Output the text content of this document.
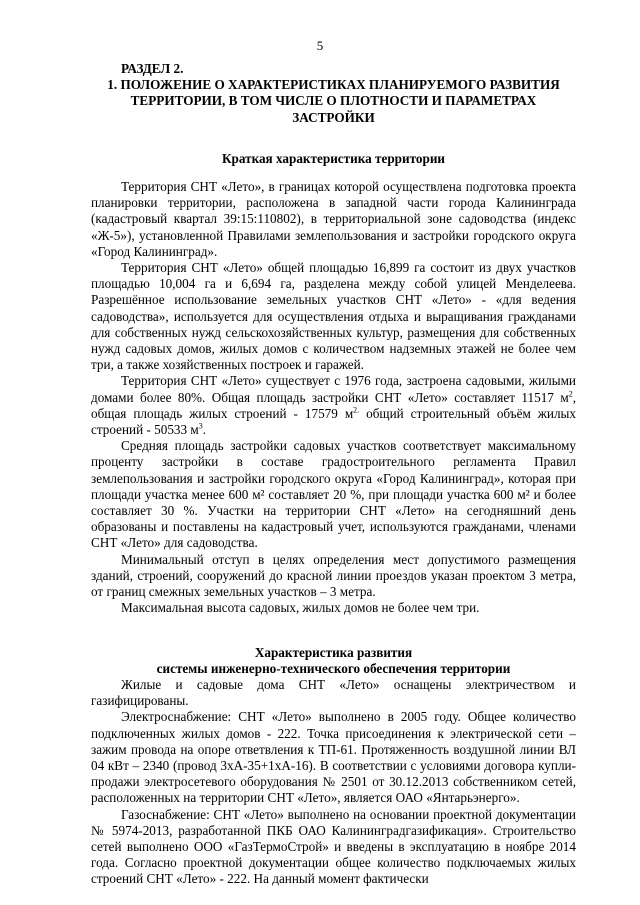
5
РАЗДЕЛ 2.
1. ПОЛОЖЕНИЕ О ХАРАКТЕРИСТИКАХ ПЛАНИРУЕМОГО РАЗВИТИЯ ТЕРРИТОРИИ, В ТОМ ЧИСЛЕ О ПЛОТНОСТИ И ПАРАМЕТРАХ ЗАСТРОЙКИ
Краткая характеристика территории

Территория СНТ «Лето», в границах которой осуществлена подготовка проекта планировки территории, расположена в западной части города Калининграда (кадастровый квартал 39:15:110802), в территориальной зоне садоводства (индекс «Ж-5»), установленной Правилами землепользования и застройки городского округа «Город Калининград».

Территория СНТ «Лето» общей площадью 16,899 га состоит из двух участков площадью 10,004 га и 6,694 га, разделена между собой улицей Менделеева. Разрешённое использование земельных участков СНТ «Лето» - «для ведения садоводства», используется для осуществления отдыха и выращивания гражданами для собственных нужд сельскохозяйственных культур, размещения для собственных нужд садовых домов, жилых домов с количеством надземных этажей не более чем три, а также хозяйственных построек и гаражей.

Территория СНТ «Лето» существует с 1976 года, застроена садовыми, жилыми домами более 80%. Общая площадь застройки СНТ «Лето» составляет 11517 $м^2$, общая площадь жилых строений - 17579 $м^{2.}$ общий строительный объём жилых строений - 50533 $м^3$.

Средняя площадь застройки садовых участков соответствует максимальному проценту застройки в составе градостроительного регламента Правил землепользования и застройки городского округа «Город Калининград», которая при площади участка менее 600 м² составляет 20 %, при площади участка 600 м² и более составляет 30 %. Участки на территории СНТ «Лето» на сегодняшний день образованы и поставлены на кадастровый учет, используются гражданами, членами СНТ «Лето» для садоводства.

Минимальный отступ в целях определения мест допустимого размещения зданий, строений, сооружений до красной линии проездов указан проектом 3 метра, от границ смежных земельных участков – 3 метра.

Максимальная высота садовых, жилых домов не более чем три.

Характеристика развития
системы инженерно-технического обеспечения территории

Жилые и садовые дома СНТ «Лето» оснащены электричеством и газифицированы.

Электроснабжение: СНТ «Лето» выполнено в 2005 году. Общее количество подключенных жилых домов - 222. Точка присоединения к электрической сети – зажим провода на опоре ответвления к ТП-61. Протяженность воздушной линии ВЛ 04 кВт – 2340 (провод 3хА-35+1хА-16). В соответствии с условиями договора купли-продажи электросетевого оборудования № 2501 от 30.12.2013 собственником сетей, расположенных на территории СНТ «Лето», является ОАО «Янтарьэнерго».

Газоснабжение: СНТ «Лето» выполнено на основании проектной документации № 5974-2013, разработанной ПКБ ОАО Калининградгазификация». Строительство сетей выполнено ООО «ГазТермоСтрой» и введены в эксплуатацию в ноябре 2014 года. Согласно проектной документации общее количество подключаемых жилых строений СНТ «Лето» - 222. На данный момент фактически
